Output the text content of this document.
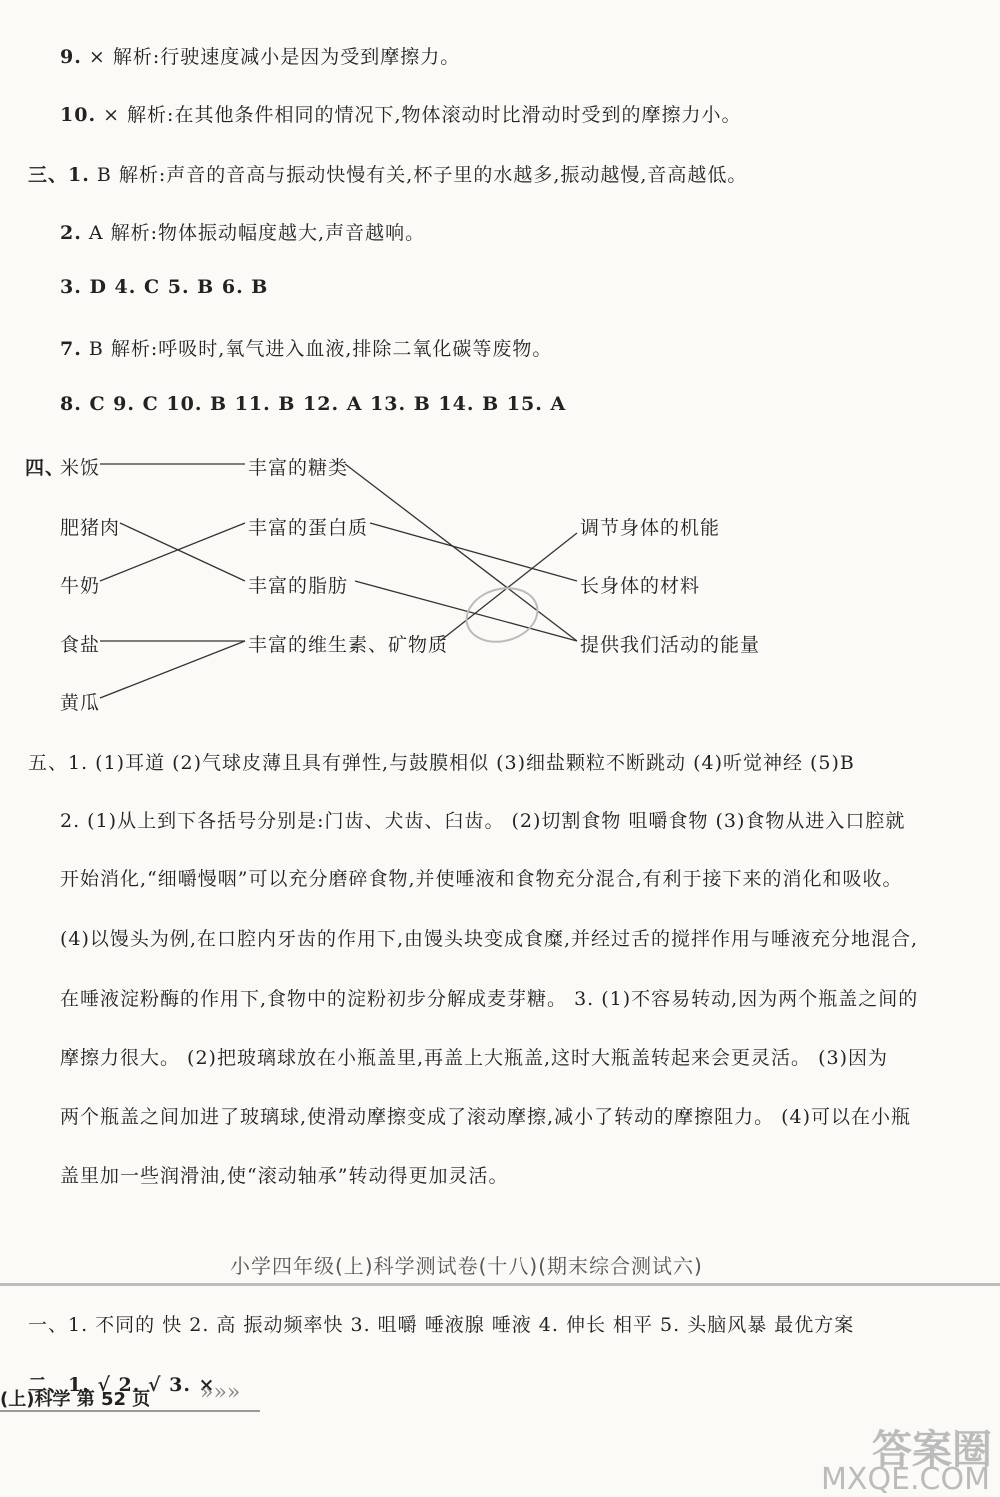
9. × 解析:行驶速度减小是因为受到摩擦力。
10. × 解析:在其他条件相同的情况下,物体滚动时比滑动时受到的摩擦力小。
三、1. B 解析:声音的音高与振动快慢有关,杯子里的水越多,振动越慢,音高越低。
2. A 解析:物体振动幅度越大,声音越响。
3. D 4. C 5. B 6. B
7. B 解析:呼吸时,氧气进入血液,排除二氧化碳等废物。
8. C 9. C 10. B 11. B 12. A 13. B 14. B 15. A
四、
米饭
肥猪肉
牛奶
食盐
黄瓜
丰富的糖类
丰富的蛋白质
丰富的脂肪
丰富的维生素、矿物质
调节身体的机能
长身体的材料
提供我们活动的能量
五、1. (1)耳道 (2)气球皮薄且具有弹性,与鼓膜相似 (3)细盐颗粒不断跳动 (4)听觉神经 (5)B
2. (1)从上到下各括号分别是:门齿、犬齿、臼齿。 (2)切割食物 咀嚼食物 (3)食物从进入口腔就
开始消化,“细嚼慢咽”可以充分磨碎食物,并使唾液和食物充分混合,有利于接下来的消化和吸收。
(4)以馒头为例,在口腔内牙齿的作用下,由馒头块变成食糜,并经过舌的搅拌作用与唾液充分地混合,
在唾液淀粉酶的作用下,食物中的淀粉初步分解成麦芽糖。 3. (1)不容易转动,因为两个瓶盖之间的
摩擦力很大。 (2)把玻璃球放在小瓶盖里,再盖上大瓶盖,这时大瓶盖转起来会更灵活。 (3)因为
两个瓶盖之间加进了玻璃球,使滑动摩擦变成了滚动摩擦,减小了转动的摩擦阻力。 (4)可以在小瓶
盖里加一些润滑油,使“滚动轴承”转动得更加灵活。
小学四年级(上)科学测试卷(十八)(期末综合测试六)
一、1. 不同的 快 2. 高 振动频率快 3. 咀嚼 唾液腺 唾液 4. 伸长 相平 5. 头脑风暴 最优方案
二、1. √ 2. √ 3. ×
(上)科学 第 52 页 »»»
答案圈
MXQE.COM
